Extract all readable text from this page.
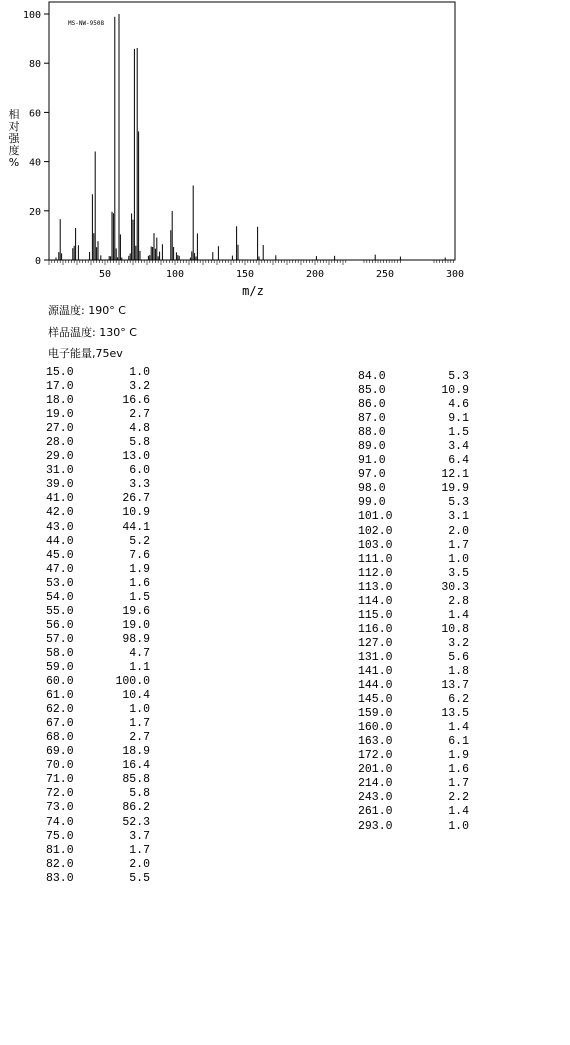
0
20
40
60
80
100
50	100	150	200	250	300
MS-NW-9508
m/z
相对强度%
源温度: 190° C
样品温度: 130° C
电子能量,75ev
15.0	1.0
17.0	3.2
18.0	16.6
19.0	2.7
27.0	4.8
28.0	5.8
29.0	13.0
31.0	6.0
39.0	3.3
41.0	26.7
42.0	10.9
43.0	44.1
44.0	5.2
45.0	7.6
47.0	1.9
53.0	1.6
54.0	1.5
55.0	19.6
56.0	19.0
57.0	98.9
58.0	4.7
59.0	1.1
60.0	100.0
61.0	10.4
62.0	1.0
67.0	1.7
68.0	2.7
69.0	18.9
70.0	16.4
71.0	85.8
72.0	5.8
73.0	86.2
74.0	52.3
75.0	3.7
81.0	1.7
82.0	2.0
83.0	5.5
84.0	5.3
85.0	10.9
86.0	4.6
87.0	9.1
88.0	1.5
89.0	3.4
91.0	6.4
97.0	12.1
98.0	19.9
99.0	5.3
101.0	3.1
102.0	2.0
103.0	1.7
111.0	1.0
112.0	3.5
113.0	30.3
114.0	2.8
115.0	1.4
116.0	10.8
127.0	3.2
131.0	5.6
141.0	1.8
144.0	13.7
145.0	6.2
159.0	13.5
160.0	1.4
163.0	6.1
172.0	1.9
201.0	1.6
214.0	1.7
243.0	2.2
261.0	1.4
293.0	1.0
